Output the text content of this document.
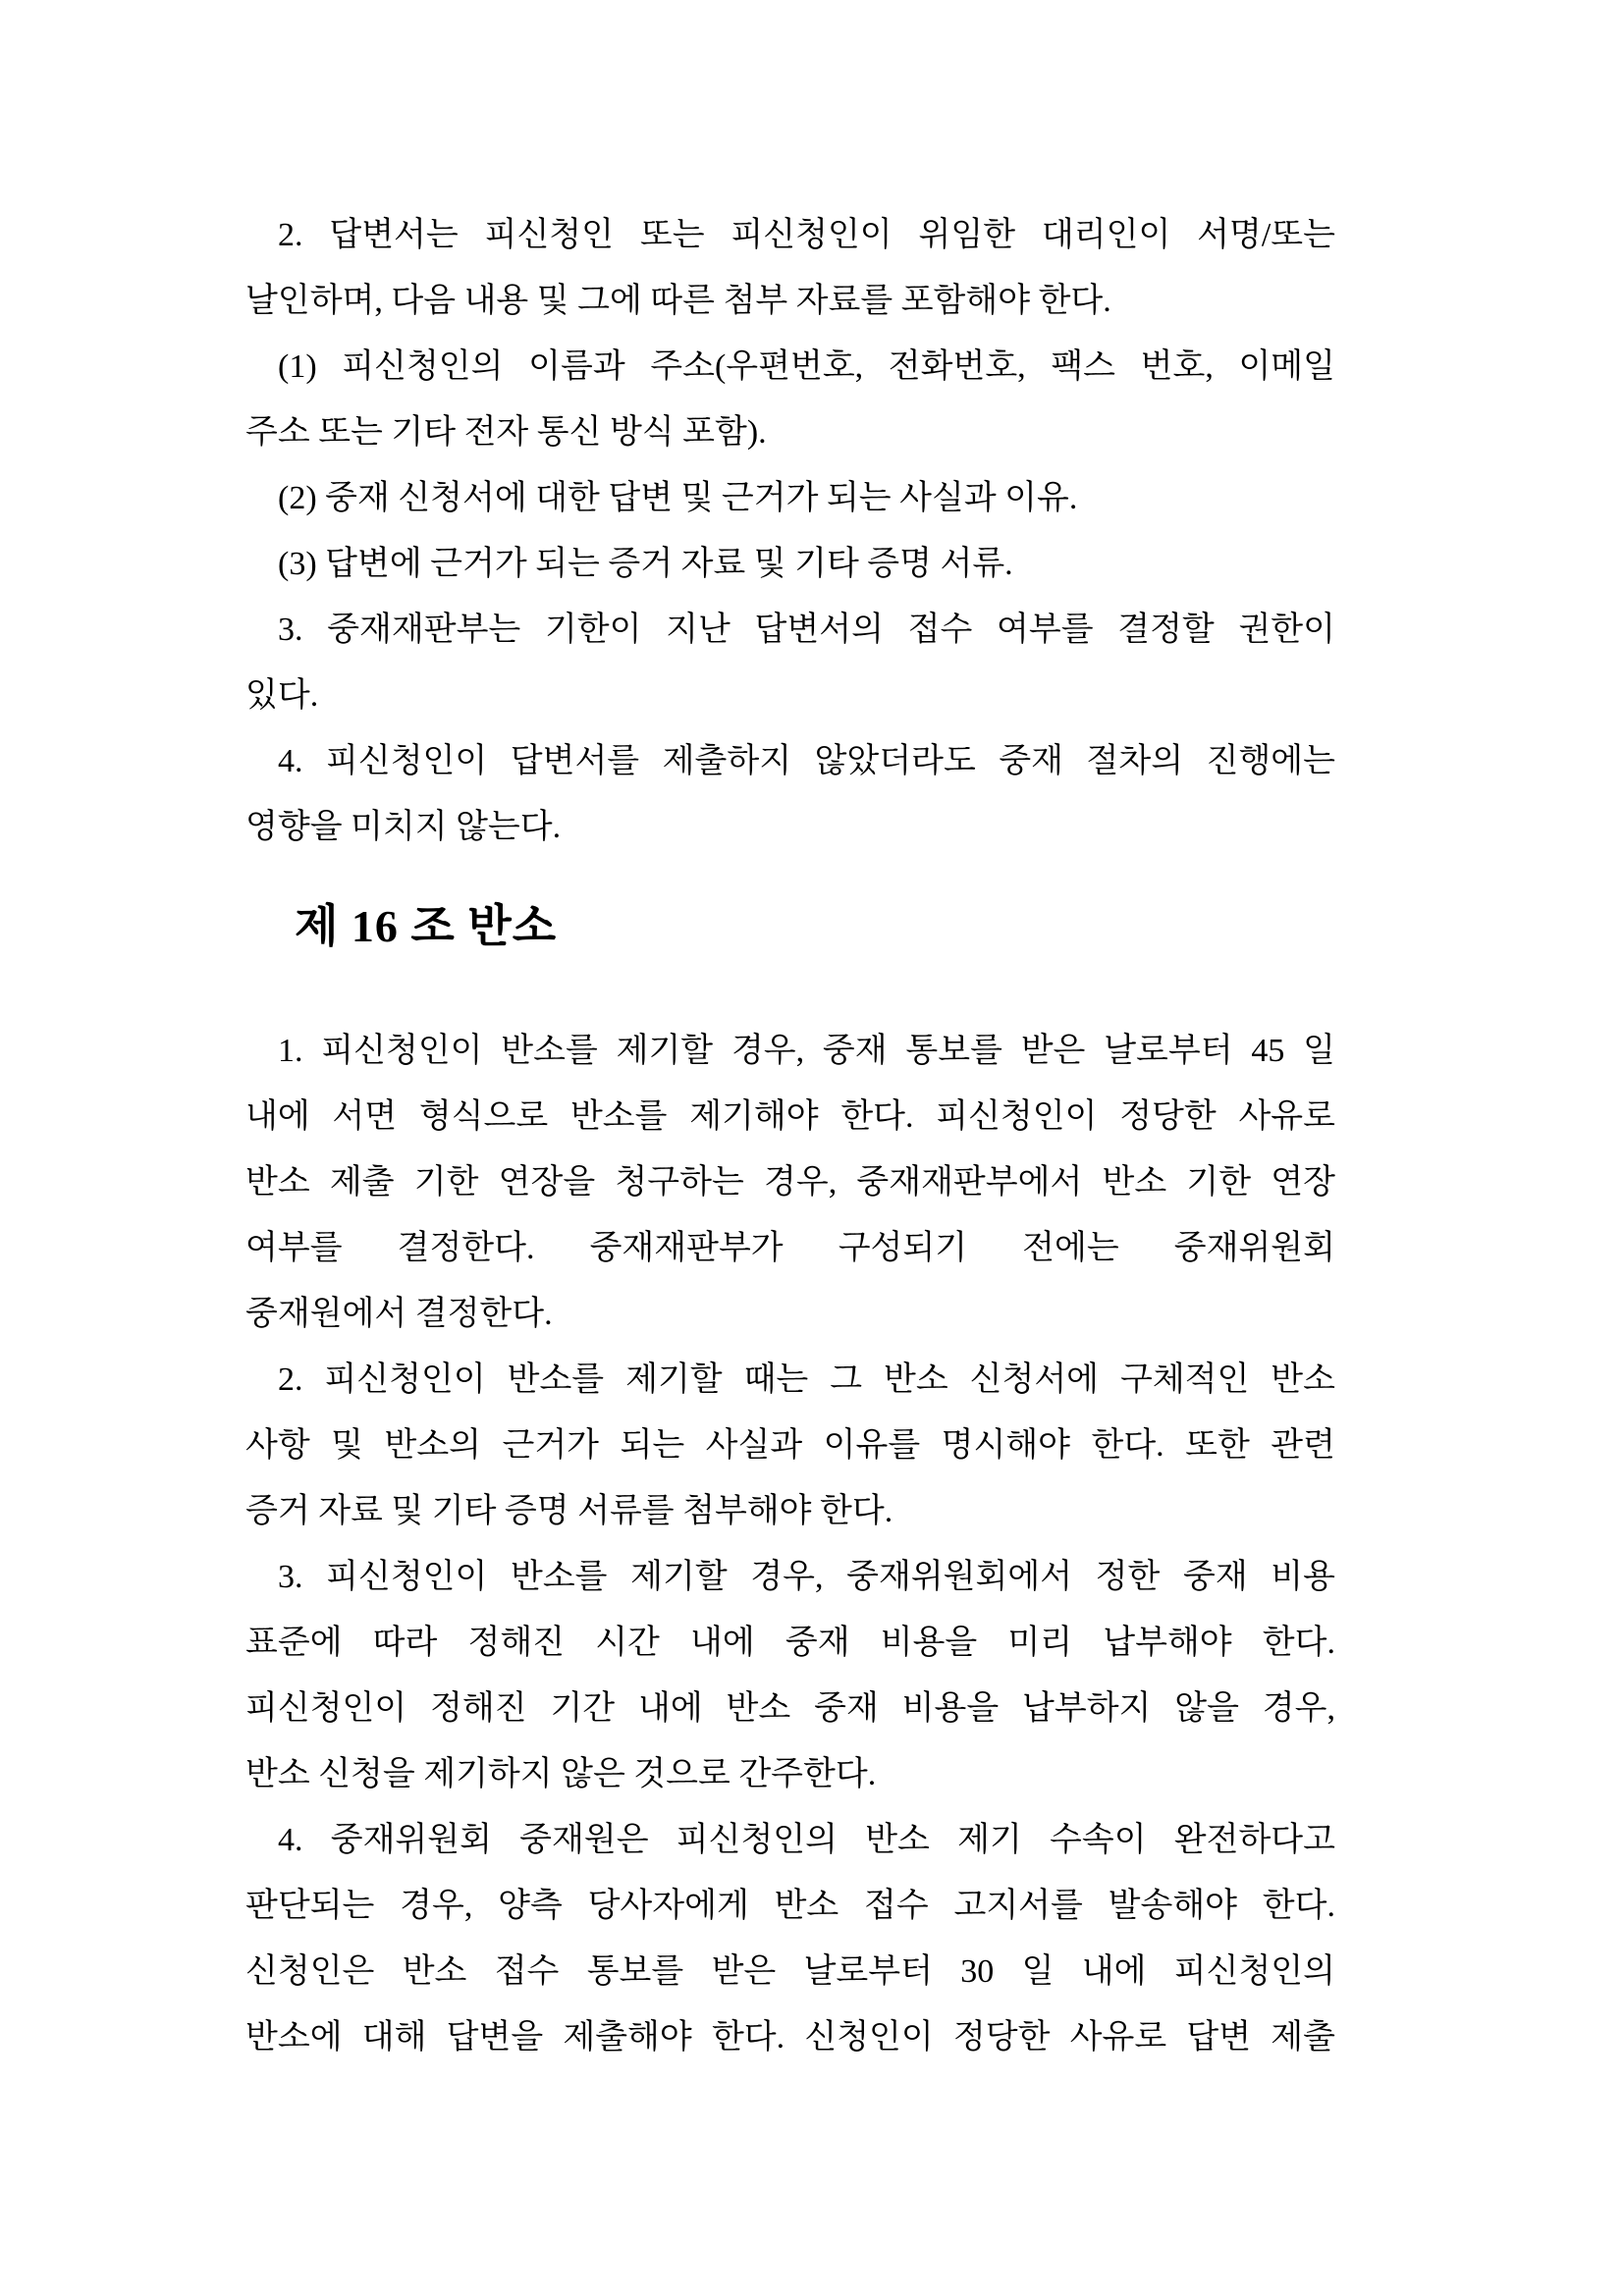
2. 답변서는 피신청인 또는 피신청인이 위임한 대리인이 서명/또는
날인하며, 다음 내용 및 그에 따른 첨부 자료를 포함해야 한다.
(1) 피신청인의 이름과 주소(우편번호, 전화번호, 팩스 번호, 이메일
주소 또는 기타 전자 통신 방식 포함).
(2) 중재 신청서에 대한 답변 및 근거가 되는 사실과 이유.
(3) 답변에 근거가 되는 증거 자료 및 기타 증명 서류.
3. 중재재판부는 기한이 지난 답변서의 접수 여부를 결정할 권한이
있다.
4. 피신청인이 답변서를 제출하지 않았더라도 중재 절차의 진행에는
영향을 미치지 않는다.
제 16 조 반소
1. 피신청인이 반소를 제기할 경우, 중재 통보를 받은 날로부터 45 일
내에 서면 형식으로 반소를 제기해야 한다. 피신청인이 정당한 사유로
반소 제출 기한 연장을 청구하는 경우, 중재재판부에서 반소 기한 연장
여부를 결정한다. 중재재판부가 구성되기 전에는 중재위원회
중재원에서 결정한다.
2. 피신청인이 반소를 제기할 때는 그 반소 신청서에 구체적인 반소
사항 및 반소의 근거가 되는 사실과 이유를 명시해야 한다. 또한 관련
증거 자료 및 기타 증명 서류를 첨부해야 한다.
3. 피신청인이 반소를 제기할 경우, 중재위원회에서 정한 중재 비용
표준에 따라 정해진 시간 내에 중재 비용을 미리 납부해야 한다.
피신청인이 정해진 기간 내에 반소 중재 비용을 납부하지 않을 경우,
반소 신청을 제기하지 않은 것으로 간주한다.
4. 중재위원회 중재원은 피신청인의 반소 제기 수속이 완전하다고
판단되는 경우, 양측 당사자에게 반소 접수 고지서를 발송해야 한다.
신청인은 반소 접수 통보를 받은 날로부터 30 일 내에 피신청인의
반소에 대해 답변을 제출해야 한다. 신청인이 정당한 사유로 답변 제출
